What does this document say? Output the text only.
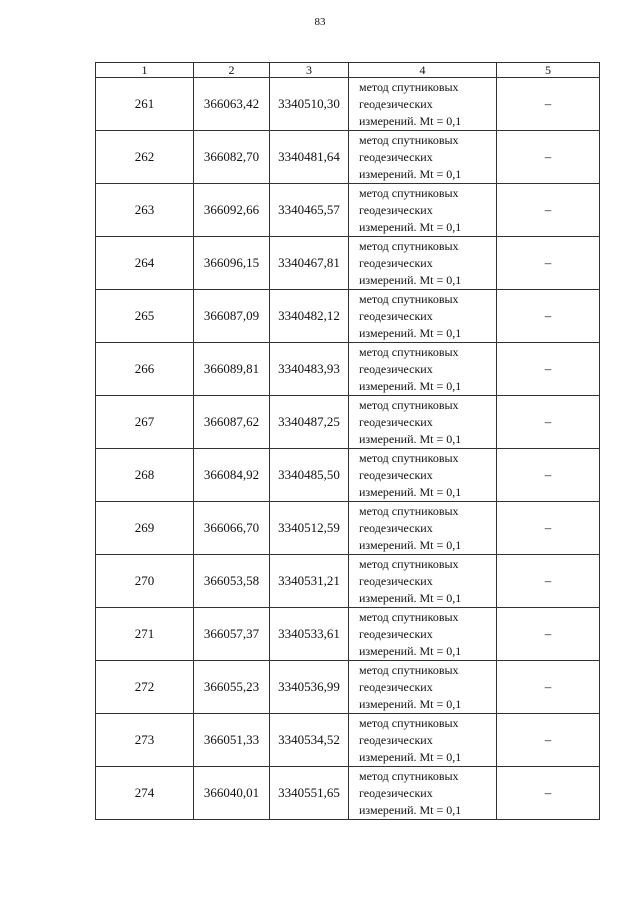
83
1	2	3	4	5
261	366063,42	3340510,30	метод спутниковых
геодезических
измерений. Mt = 0,1	–
262	366082,70	3340481,64	метод спутниковых
геодезических
измерений. Mt = 0,1	–
263	366092,66	3340465,57	метод спутниковых
геодезических
измерений. Mt = 0,1	–
264	366096,15	3340467,81	метод спутниковых
геодезических
измерений. Mt = 0,1	–
265	366087,09	3340482,12	метод спутниковых
геодезических
измерений. Mt = 0,1	–
266	366089,81	3340483,93	метод спутниковых
геодезических
измерений. Mt = 0,1	–
267	366087,62	3340487,25	метод спутниковых
геодезических
измерений. Mt = 0,1	–
268	366084,92	3340485,50	метод спутниковых
геодезических
измерений. Mt = 0,1	–
269	366066,70	3340512,59	метод спутниковых
геодезических
измерений. Mt = 0,1	–
270	366053,58	3340531,21	метод спутниковых
геодезических
измерений. Mt = 0,1	–
271	366057,37	3340533,61	метод спутниковых
геодезических
измерений. Mt = 0,1	–
272	366055,23	3340536,99	метод спутниковых
геодезических
измерений. Mt = 0,1	–
273	366051,33	3340534,52	метод спутниковых
геодезических
измерений. Mt = 0,1	–
274	366040,01	3340551,65	метод спутниковых
геодезических
измерений. Mt = 0,1	–
